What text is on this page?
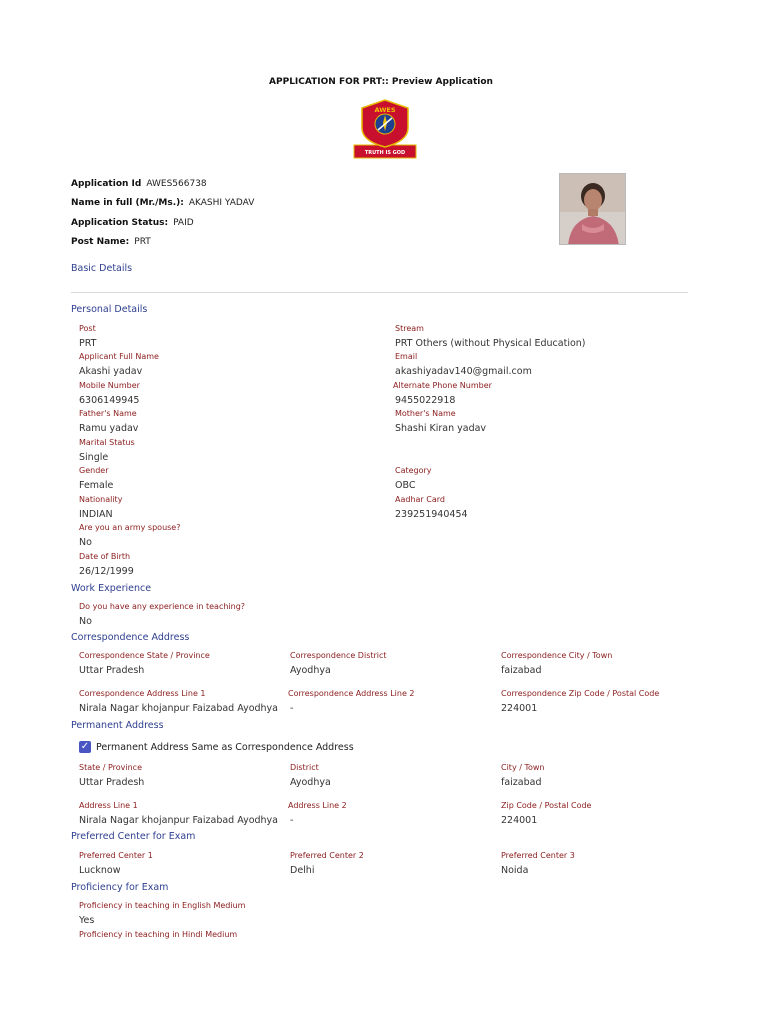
APPLICATION FOR PRT:: Preview Application
AWES
TRUTH IS GOD
Application Id AWES566738
Name in full (Mr./Ms.): AKASHI YADAV
Application Status: PAID
Post Name: PRT
Basic Details
Personal Details
Post
PRT
Stream
PRT Others (without Physical Education)
Applicant Full Name
Akashi yadav
Email
akashiyadav140@gmail.com
Mobile Number
6306149945
Alternate Phone Number
9455022918
Father's Name
Ramu yadav
Mother's Name
Shashi Kiran yadav
Marital Status
Single
Gender
Female
Category
OBC
Nationality
INDIAN
Aadhar Card
239251940454
Are you an army spouse?
No
Date of Birth
26/12/1999
Work Experience
Do you have any experience in teaching?
No
Correspondence Address
Correspondence State / Province
Uttar Pradesh
Correspondence District
Ayodhya
Correspondence City / Town
faizabad
Correspondence Address Line 1
Nirala Nagar khojanpur Faizabad Ayodhya
Correspondence Address Line 2
-
Correspondence Zip Code / Postal Code
224001
Permanent Address
✓ Permanent Address Same as Correspondence Address
State / Province
Uttar Pradesh
District
Ayodhya
City / Town
faizabad
Address Line 1
Nirala Nagar khojanpur Faizabad Ayodhya
Address Line 2
-
Zip Code / Postal Code
224001
Preferred Center for Exam
Preferred Center 1
Lucknow
Preferred Center 2
Delhi
Preferred Center 3
Noida
Proficiency for Exam
Proficiency in teaching in English Medium
Yes
Proficiency in teaching in Hindi Medium
